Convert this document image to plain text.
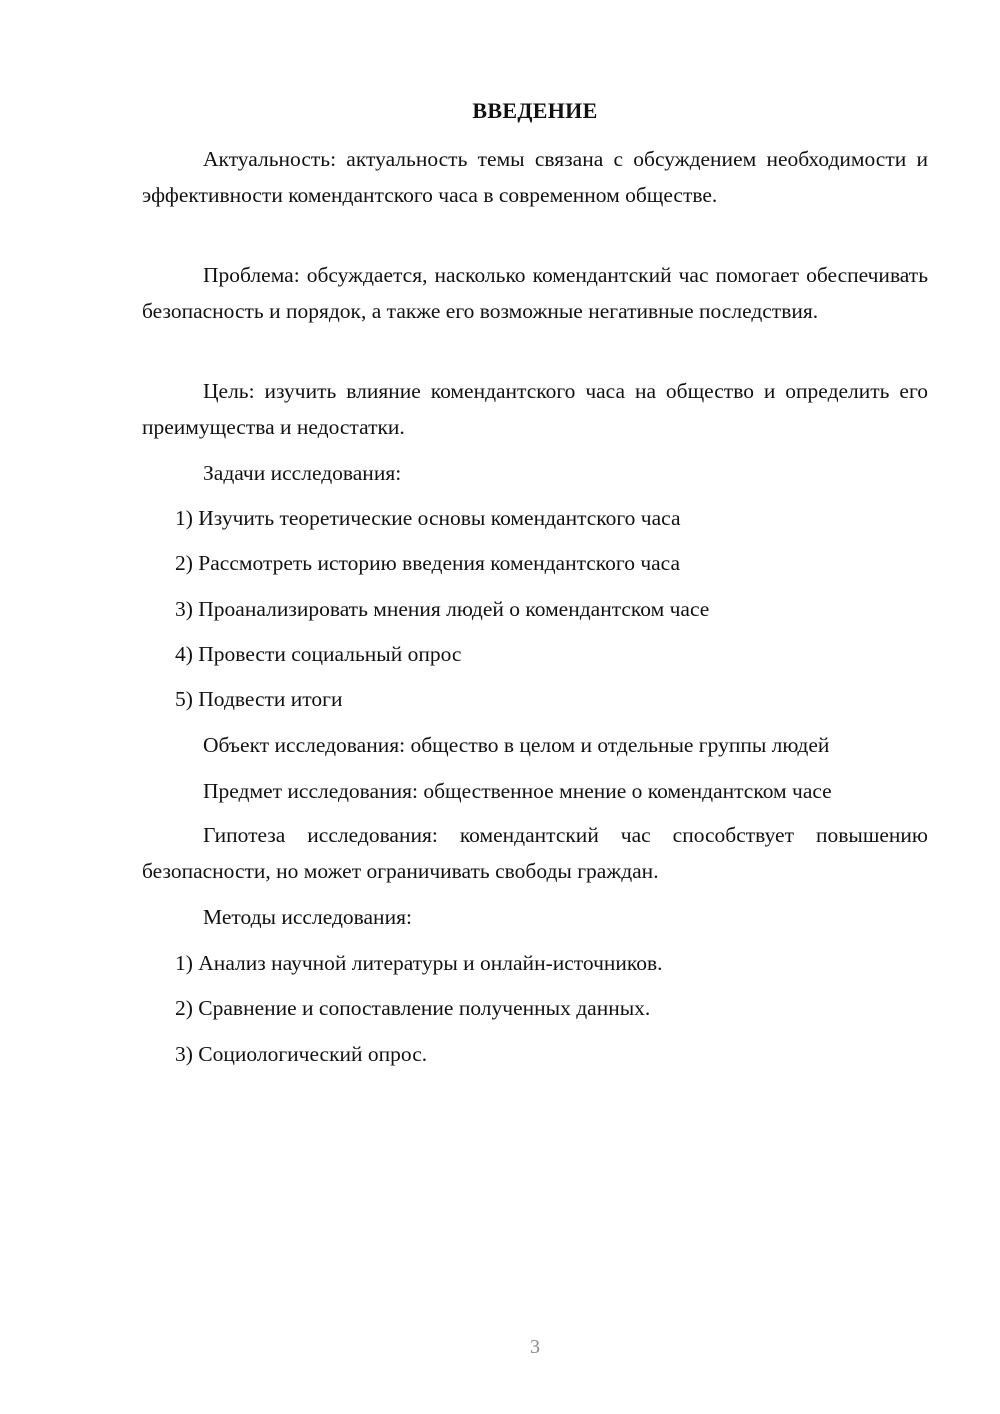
ВВЕДЕНИЕ

Актуальность: актуальность темы связана с обсуждением необходимости и эффективности комендантского часа в современном обществе.

Проблема: обсуждается, насколько комендантский час помогает обеспечивать безопасность и порядок, а также его возможные негативные последствия.

Цель: изучить влияние комендантского часа на общество и определить его преимущества и недостатки.

Задачи исследования:

1) Изучить теоретические основы комендантского часа

2) Рассмотреть историю введения комендантского часа

3) Проанализировать мнения людей о комендантском часе

4) Провести социальный опрос

5) Подвести итоги

Объект исследования: общество в целом и отдельные группы людей

Предмет исследования: общественное мнение о комендантском часе

Гипотеза исследования: комендантский час способствует повышению безопасности, но может ограничивать свободы граждан.

Методы исследования:

1) Анализ научной литературы и онлайн-источников.

2) Сравнение и сопоставление полученных данных.

3) Социологический опрос.

3
